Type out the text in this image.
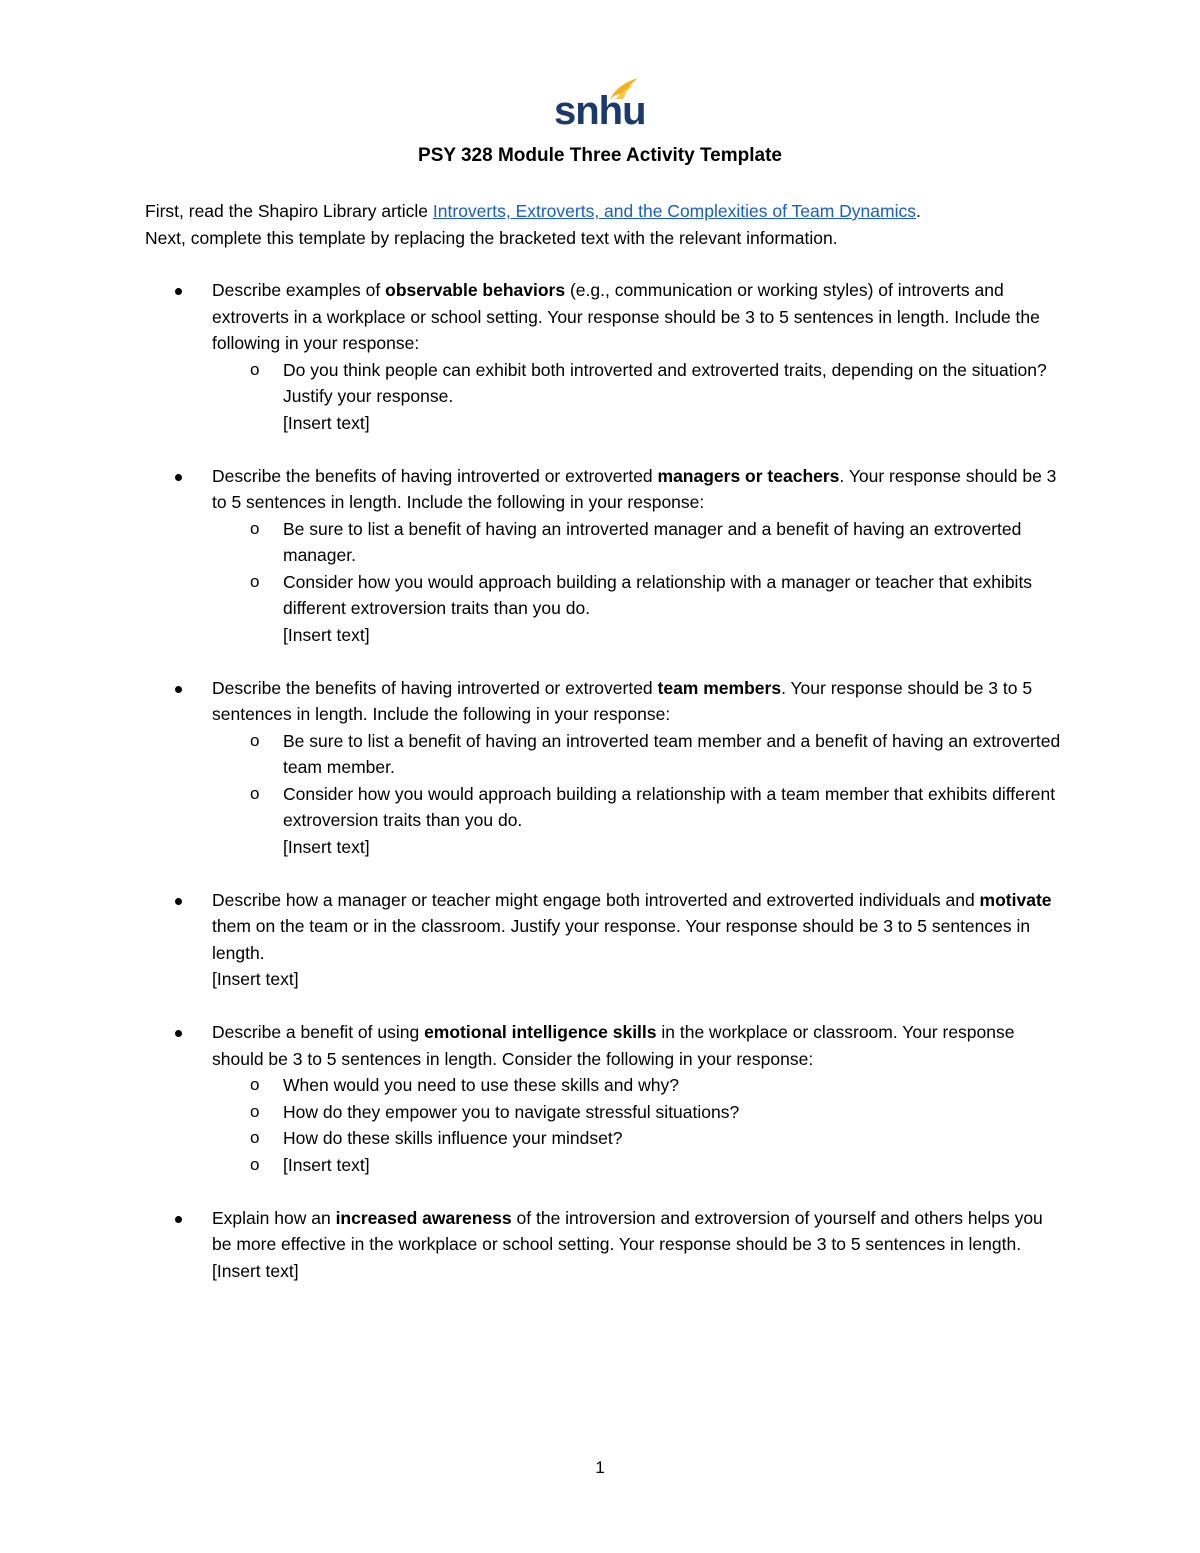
snhu
PSY 328 Module Three Activity Template
First, read the Shapiro Library article Introverts, Extroverts, and the Complexities of Team Dynamics.
Next, complete this template by replacing the bracketed text with the relevant information.
Describe examples of observable behaviors (e.g., communication or working styles) of introverts and extroverts in a workplace or school setting. Your response should be 3 to 5 sentences in length. Include the following in your response:
o Do you think people can exhibit both introverted and extroverted traits, depending on the situation? Justify your response.
[Insert text]
Describe the benefits of having introverted or extroverted managers or teachers. Your response should be 3 to 5 sentences in length. Include the following in your response:
o Be sure to list a benefit of having an introverted manager and a benefit of having an extroverted manager.
o Consider how you would approach building a relationship with a manager or teacher that exhibits different extroversion traits than you do.
[Insert text]
Describe the benefits of having introverted or extroverted team members. Your response should be 3 to 5 sentences in length. Include the following in your response:
o Be sure to list a benefit of having an introverted team member and a benefit of having an extroverted team member.
o Consider how you would approach building a relationship with a team member that exhibits different extroversion traits than you do.
[Insert text]
Describe how a manager or teacher might engage both introverted and extroverted individuals and motivate them on the team or in the classroom. Justify your response. Your response should be 3 to 5 sentences in length.
[Insert text]
Describe a benefit of using emotional intelligence skills in the workplace or classroom. Your response should be 3 to 5 sentences in length. Consider the following in your response:
o When would you need to use these skills and why?
o How do they empower you to navigate stressful situations?
o How do these skills influence your mindset?
o [Insert text]
Explain how an increased awareness of the introversion and extroversion of yourself and others helps you be more effective in the workplace or school setting. Your response should be 3 to 5 sentences in length.
[Insert text]
1
